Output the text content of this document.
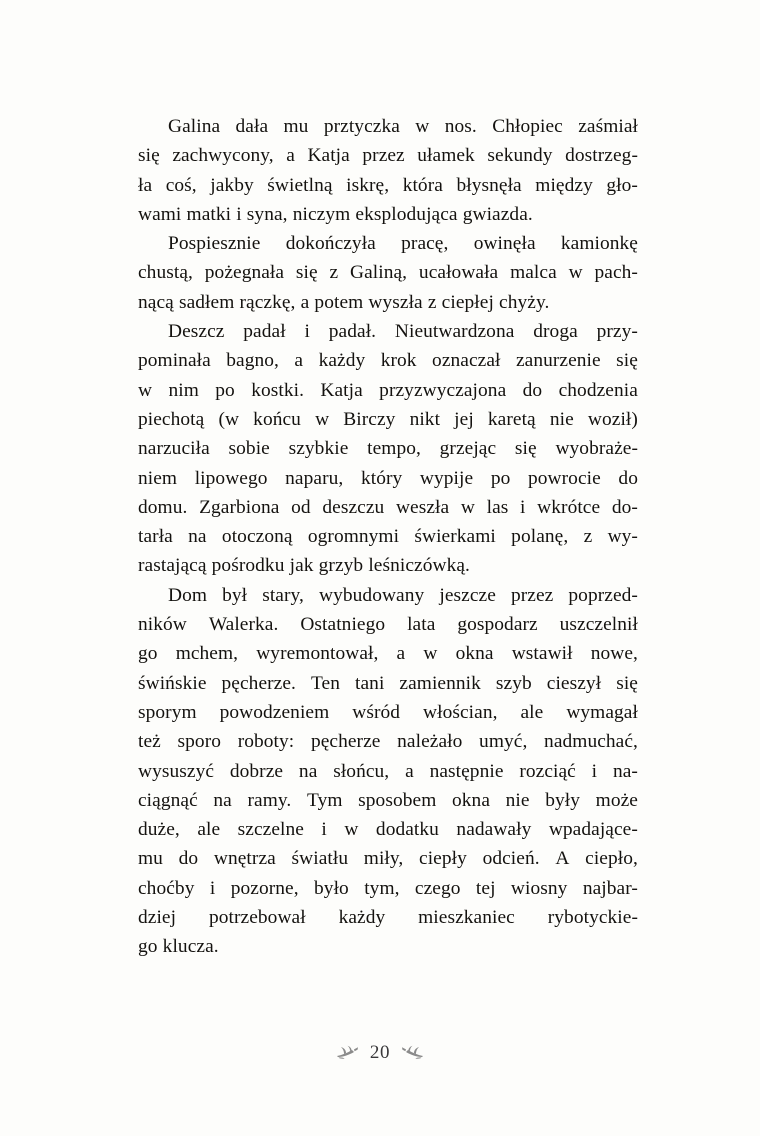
Galina dała mu prztyczka w nos. Chłopiec zaśmiał
się zachwycony, a Katja przez ułamek sekundy dostrzeg-
ła coś, jakby świetlną iskrę, która błysnęła między gło-
wami matki i syna, niczym eksplodująca gwiazda.

Pospiesznie dokończyła pracę, owinęła kamionkę
chustą, pożegnała się z Galiną, ucałowała malca w pach-
nącą sadłem rączkę, a potem wyszła z ciepłej chyży.

Deszcz padał i padał. Nieutwardzona droga przy-
pominała bagno, a każdy krok oznaczał zanurzenie się
w nim po kostki. Katja przyzwyczajona do chodzenia
piechotą (w końcu w Birczy nikt jej karetą nie woził)
narzuciła sobie szybkie tempo, grzejąc się wyobraże-
niem lipowego naparu, który wypije po powrocie do
domu. Zgarbiona od deszczu weszła w las i wkrótce do-
tarła na otoczoną ogromnymi świerkami polanę, z wy-
rastającą pośrodku jak grzyb leśniczówką.

Dom był stary, wybudowany jeszcze przez poprzed-
ników Walerka. Ostatniego lata gospodarz uszczelnił
go mchem, wyremontował, a w okna wstawił nowe,
świńskie pęcherze. Ten tani zamiennik szyb cieszył się
sporym powodzeniem wśród włościan, ale wymagał
też sporo roboty: pęcherze należało umyć, nadmuchać,
wysuszyć dobrze na słońcu, a następnie rozciąć i na-
ciągnąć na ramy. Tym sposobem okna nie były może
duże, ale szczelne i w dodatku nadawały wpadające-
mu do wnętrza światłu miły, ciepły odcień. A ciepło,
choćby i pozorne, było tym, czego tej wiosny najbar-
dziej potrzebował każdy mieszkaniec rybotyckie-
go klucza.

20
